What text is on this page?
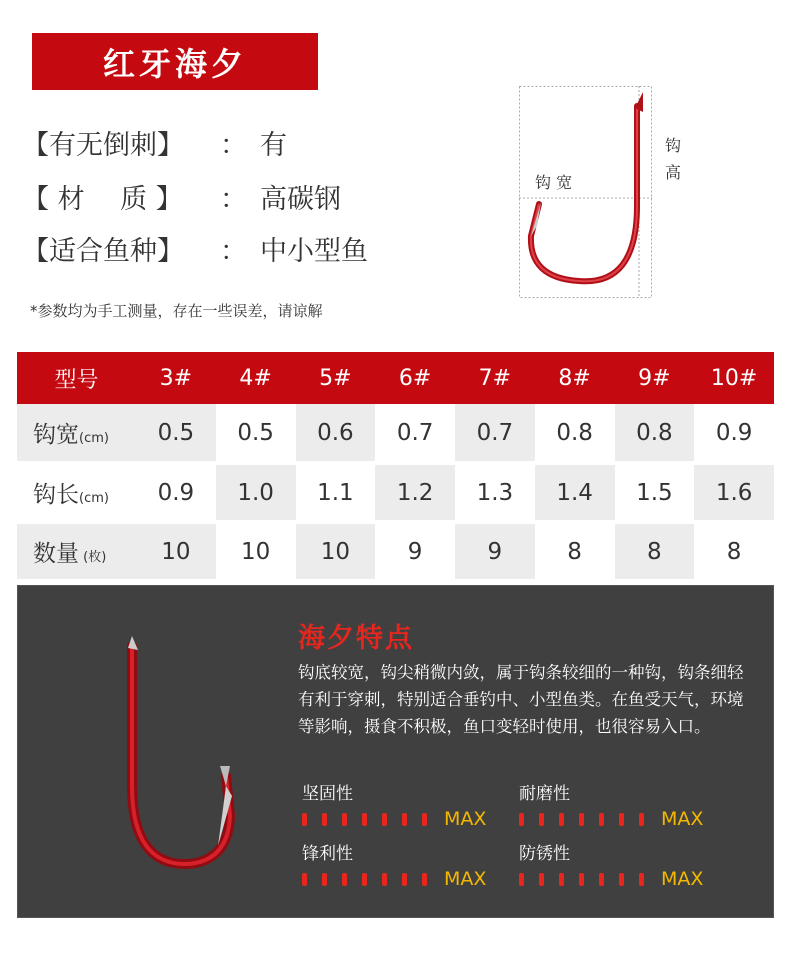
红牙海夕
【有无倒刺】	： 有
【 材　 质 】	： 高碳钢
【适合鱼种】	： 中小型鱼
*参数均为手工测量，存在一些误差，请谅解
钩 宽
钩
高
型号	3#	4#	5#	6#	7#	8#	9#	10#
钩宽(cm)	0.5	0.5	0.6	0.7	0.7	0.8	0.8	0.9
钩长(cm)	0.9	1.0	1.1	1.2	1.3	1.4	1.5	1.6
数量 (枚)	10	10	10	9	9	8	8	8
海夕特点
钩底较宽，钩尖稍微内敛，属于钩条较细的一种钩，钩条细轻有利于穿刺，特别适合垂钓中、小型鱼类。在鱼受天气，环境等影响，摄食不积极，鱼口变轻时使用，也很容易入口。
坚固性
MAX
耐磨性
MAX
锋利性
MAX
防锈性
MAX
